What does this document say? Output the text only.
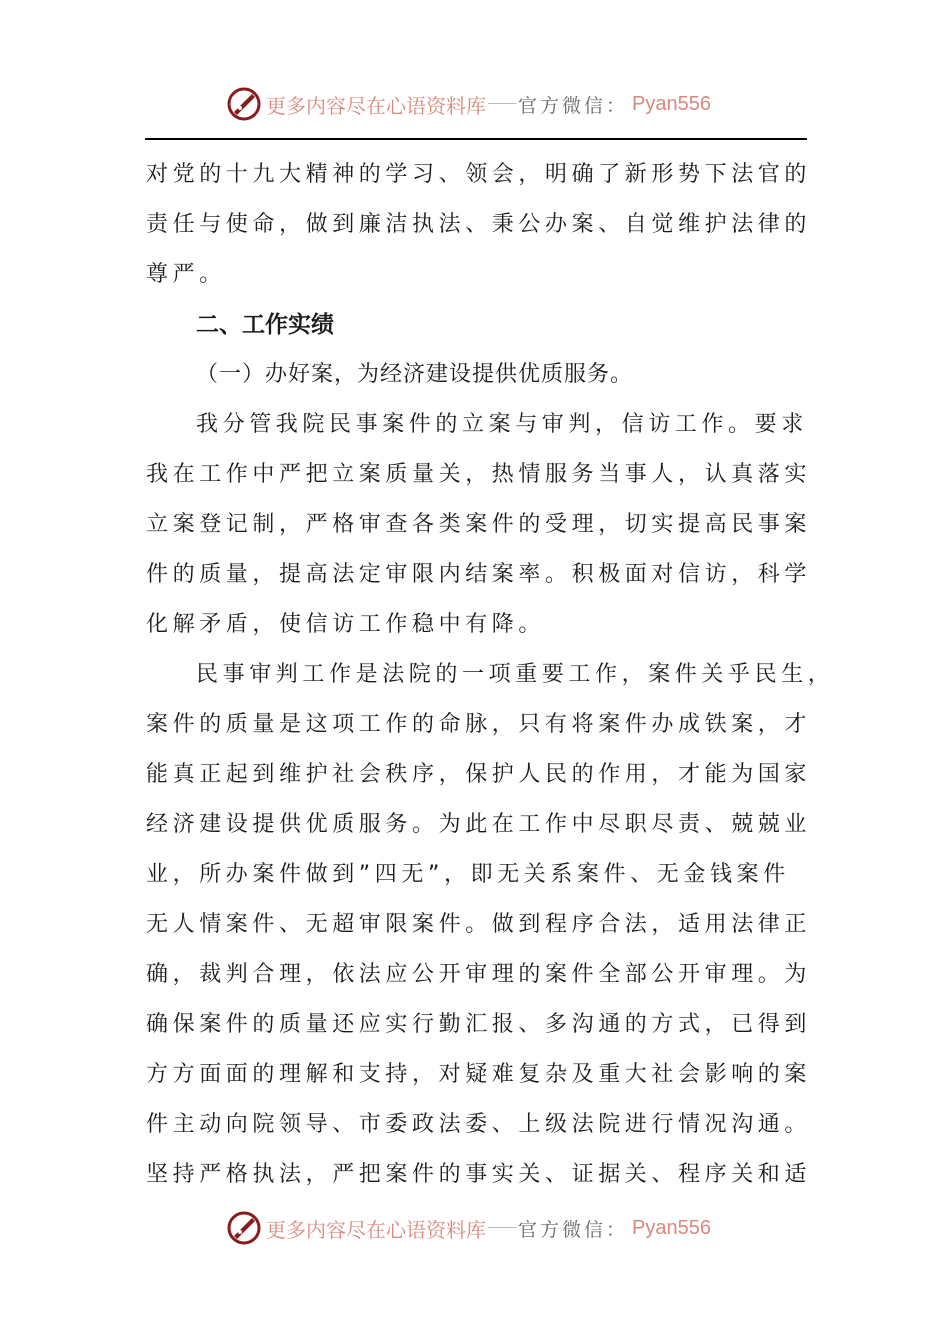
更多内容尽在心语资料库 官方微信： Pyan556
对党的十九大精神的学习、领会，明确了新形势下法官的
责任与使命，做到廉洁执法、秉公办案、自觉维护法律的
尊严。
二、工作实绩
（一）办好案，为经济建设提供优质服务。
我分管我院民事案件的立案与审判，信访工作。要求
我在工作中严把立案质量关，热情服务当事人，认真落实
立案登记制，严格审查各类案件的受理，切实提高民事案
件的质量，提高法定审限内结案率。积极面对信访，科学
化解矛盾，使信访工作稳中有降。
民事审判工作是法院的一项重要工作，案件关乎民生，
案件的质量是这项工作的命脉，只有将案件办成铁案，才
能真正起到维护社会秩序，保护人民的作用，才能为国家
经济建设提供优质服务。为此在工作中尽职尽责、兢兢业
业，所办案件做到”四无”，即无关系案件、无金钱案件
无人情案件、无超审限案件。做到程序合法，适用法律正
确，裁判合理，依法应公开审理的案件全部公开审理。为
确保案件的质量还应实行勤汇报、多沟通的方式，已得到
方方面面的理解和支持，对疑难复杂及重大社会影响的案
件主动向院领导、市委政法委、上级法院进行情况沟通。
坚持严格执法，严把案件的事实关、证据关、程序关和适
更多内容尽在心语资料库 官方微信： Pyan556
